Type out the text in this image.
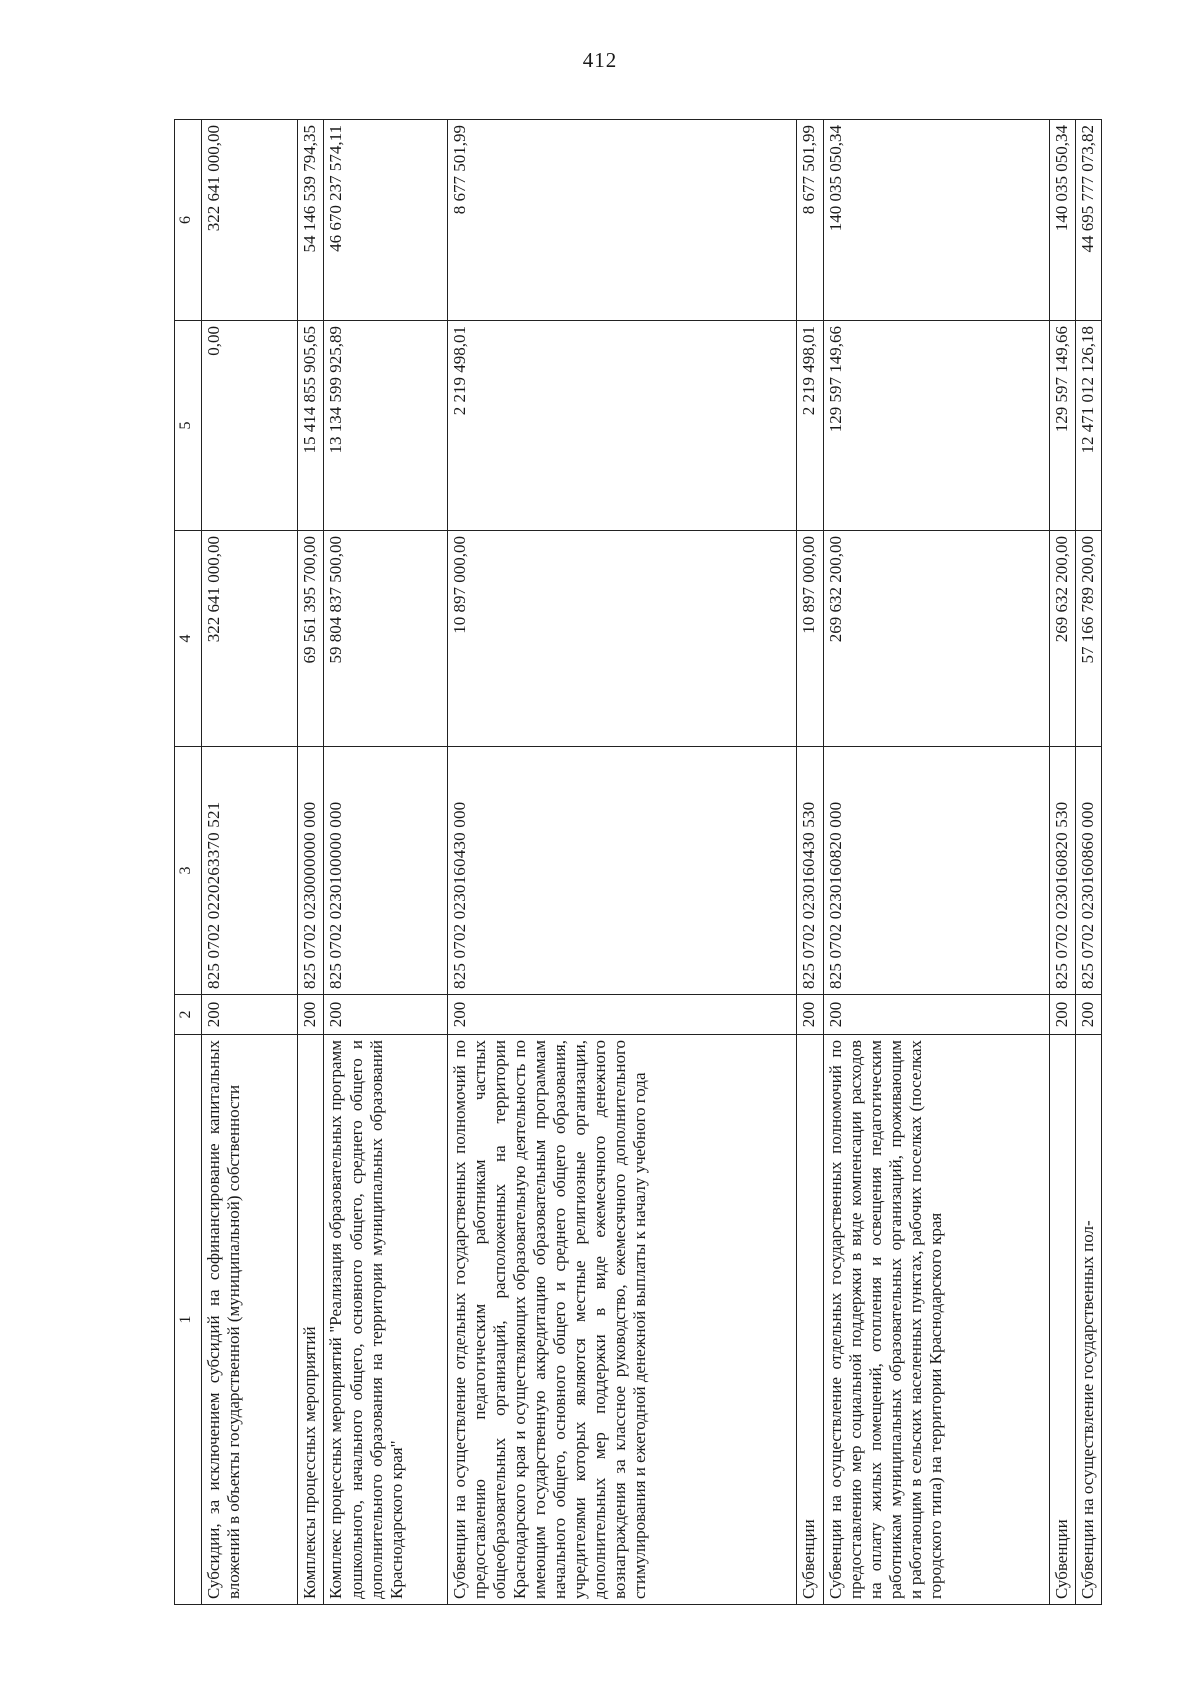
412
1	2	3	4	5	6
Субсидии, за исключением субсидий на софинансирование капитальных вложений в объекты государственной (муниципальной) собственности	200	825 0702 0220263370 521	322 641 000,00	0,00	322 641 000,00
Комплексы процессных мероприятий	200	825 0702 0230000000 000	69 561 395 700,00	15 414 855 905,65	54 146 539 794,35
Комплекс процессных мероприятий "Реализация образовательных программ дошкольного, начального общего, основного общего, среднего общего и дополнительного образования на территории муниципальных образований Краснодарского края"	200	825 0702 0230100000 000	59 804 837 500,00	13 134 599 925,89	46 670 237 574,11
Субвенции на осуществление отдельных государственных полномочий по предоставлению педагогическим работникам частных общеобразовательных организаций, расположенных на территории Краснодарского края и осуществляющих образовательную деятельность по имеющим государственную аккредитацию образовательным программам начального общего, основного общего и среднего общего образования, учредителями которых являются местные религиозные организации, дополнительных мер поддержки в виде ежемесячного денежного вознаграждения за классное руководство, ежемесячного дополнительного стимулирования и ежегодной денежной выплаты к началу учебного года	200	825 0702 0230160430 000	10 897 000,00	2 219 498,01	8 677 501,99
Субвенции	200	825 0702 0230160430 530	10 897 000,00	2 219 498,01	8 677 501,99
Субвенции на осуществление отдельных государственных полномочий по предоставлению мер социальной поддержки в виде компенсации расходов на оплату жилых помещений, отопления и освещения педагогическим работникам муниципальных образовательных организаций, проживающим и работающим в сельских населенных пунктах, рабочих поселках (поселках городского типа) на территории Краснодарского края	200	825 0702 0230160820 000	269 632 200,00	129 597 149,66	140 035 050,34
Субвенции	200	825 0702 0230160820 530	269 632 200,00	129 597 149,66	140 035 050,34
Субвенции на осуществление государственных пол-	200	825 0702 0230160860 000	57 166 789 200,00	12 471 012 126,18	44 695 777 073,82
